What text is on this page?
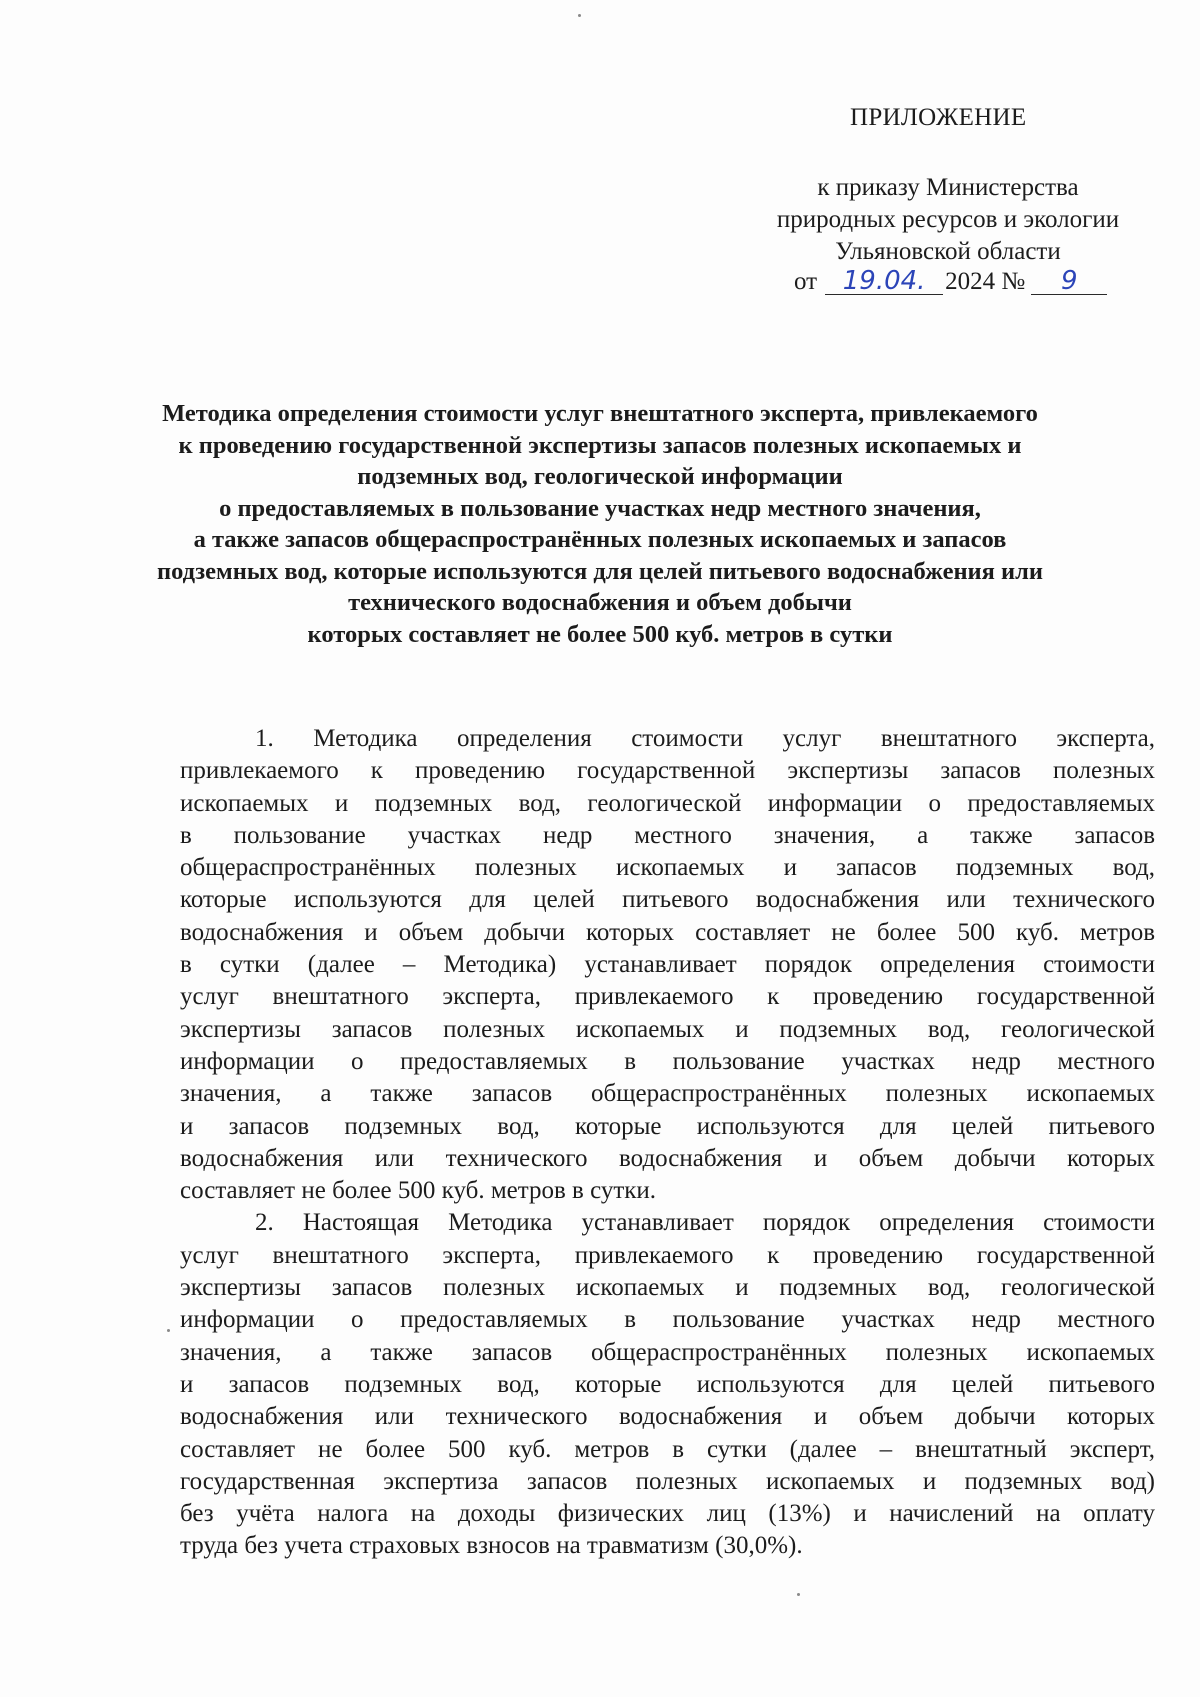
ПРИЛОЖЕНИЕ
к приказу Министерства
природных ресурсов и экологии
Ульяновской области
от 19.04. 2024 № 9
Методика определения стоимости услуг внештатного эксперта, привлекаемого
к проведению государственной экспертизы запасов полезных ископаемых и
подземных вод, геологической информации
о предоставляемых в пользование участках недр местного значения,
а также запасов общераспространённых полезных ископаемых и запасов
подземных вод, которые используются для целей питьевого водоснабжения или
технического водоснабжения и объем добычи
которых составляет не более 500 куб. метров в сутки
1. Методика определения стоимости услуг внештатного эксперта,
привлекаемого к проведению государственной экспертизы запасов полезных
ископаемых и подземных вод, геологической информации о предоставляемых
в пользование участках недр местного значения, а также запасов
общераспространённых полезных ископаемых и запасов подземных вод,
которые используются для целей питьевого водоснабжения или технического
водоснабжения и объем добычи которых составляет не более 500 куб. метров
в сутки (далее – Методика) устанавливает порядок определения стоимости
услуг внештатного эксперта, привлекаемого к проведению государственной
экспертизы запасов полезных ископаемых и подземных вод, геологической
информации о предоставляемых в пользование участках недр местного
значения, а также запасов общераспространённых полезных ископаемых
и запасов подземных вод, которые используются для целей питьевого
водоснабжения или технического водоснабжения и объем добычи которых
составляет не более 500 куб. метров в сутки.
2. Настоящая Методика устанавливает порядок определения стоимости
услуг внештатного эксперта, привлекаемого к проведению государственной
экспертизы запасов полезных ископаемых и подземных вод, геологической
информации о предоставляемых в пользование участках недр местного
значения, а также запасов общераспространённых полезных ископаемых
и запасов подземных вод, которые используются для целей питьевого
водоснабжения или технического водоснабжения и объем добычи которых
составляет не более 500 куб. метров в сутки (далее – внештатный эксперт,
государственная экспертиза запасов полезных ископаемых и подземных вод)
без учёта налога на доходы физических лиц (13%) и начислений на оплату
труда без учета страховых взносов на травматизм (30,0%).
